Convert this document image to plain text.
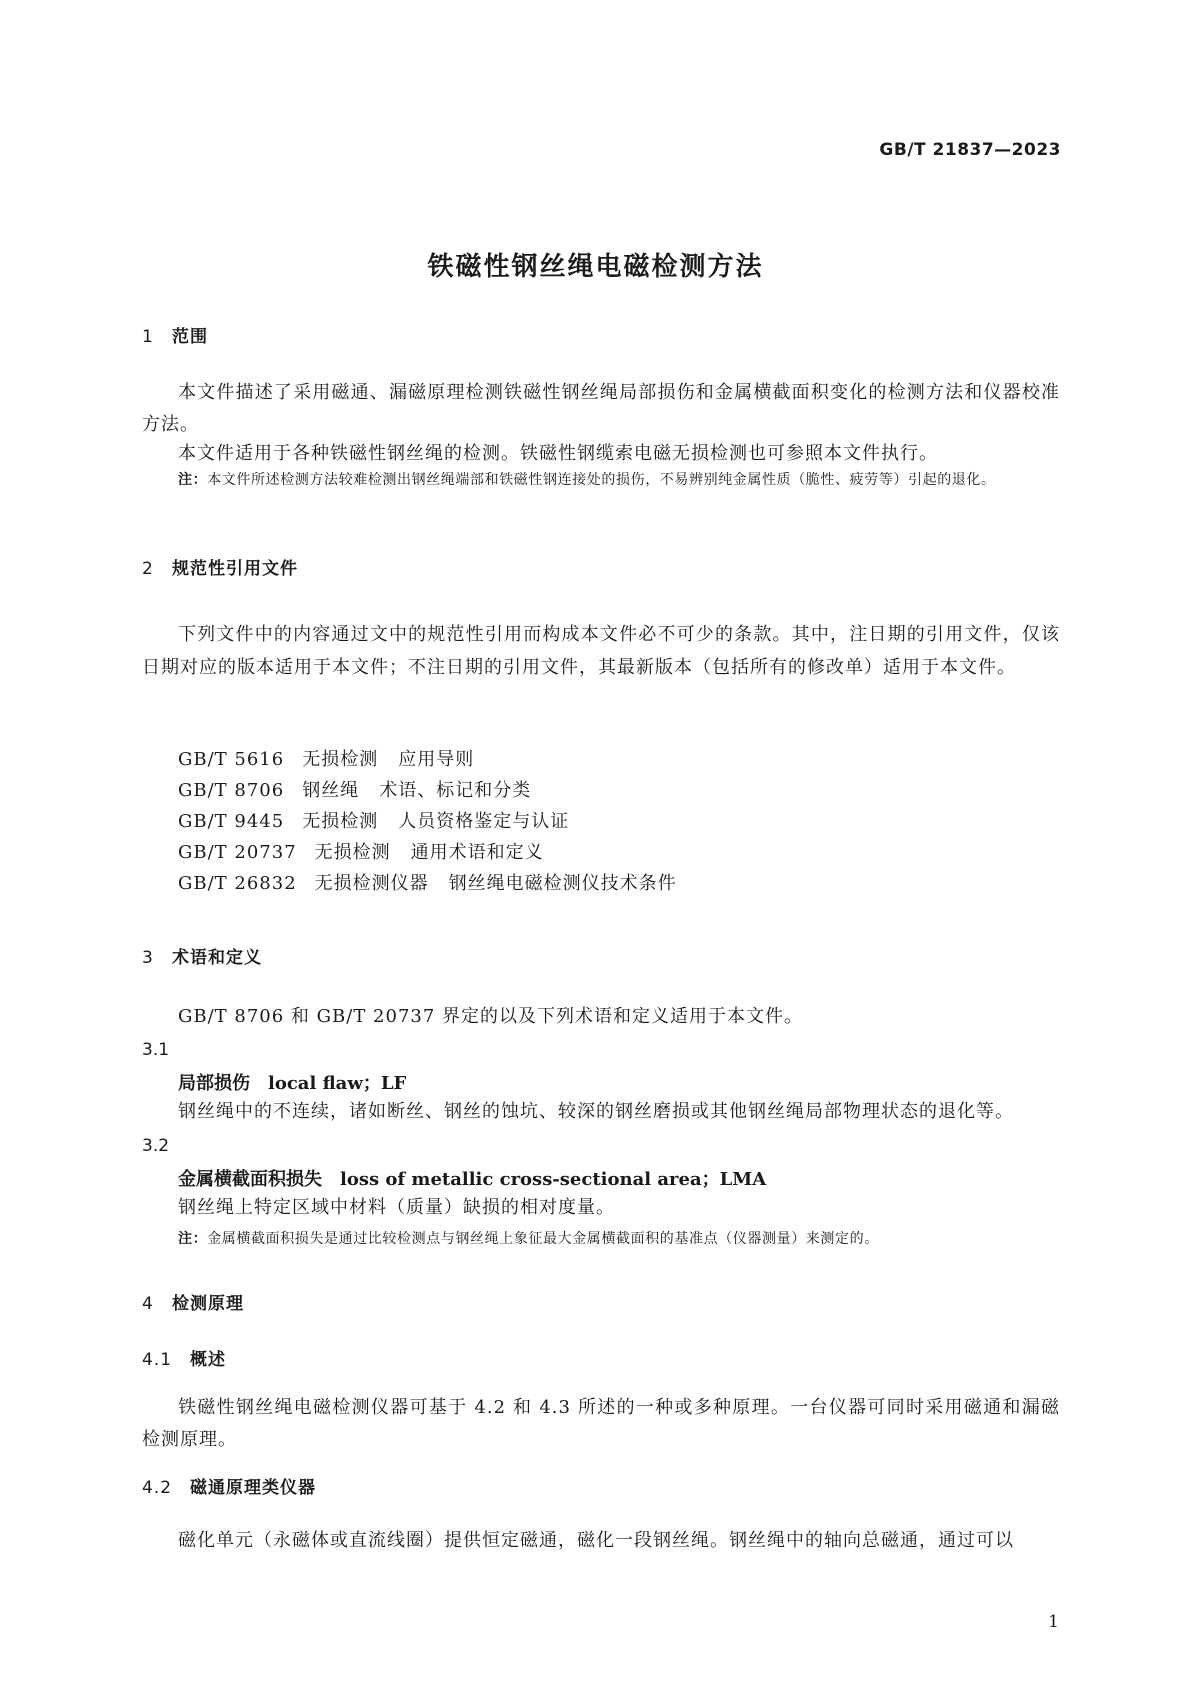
GB/T 21837—2023
铁磁性钢丝绳电磁检测方法
1 范围

本文件描述了采用磁通、漏磁原理检测铁磁性钢丝绳局部损伤和金属横截面积变化的检测方法和仪器校准方法。

本文件适用于各种铁磁性钢丝绳的检测。铁磁性钢缆索电磁无损检测也可参照本文件执行。

注：本文件所述检测方法较难检测出钢丝绳端部和铁磁性钢连接处的损伤，不易辨别纯金属性质（脆性、疲劳等）引起的退化。

2 规范性引用文件

下列文件中的内容通过文中的规范性引用而构成本文件必不可少的条款。其中，注日期的引用文件，仅该日期对应的版本适用于本文件；不注日期的引用文件，其最新版本（包括所有的修改单）适用于本文件。

GB/T 5616 无损检测 应用导则
GB/T 8706 钢丝绳 术语、标记和分类
GB/T 9445 无损检测 人员资格鉴定与认证
GB/T 20737 无损检测 通用术语和定义
GB/T 26832 无损检测仪器 钢丝绳电磁检测仪技术条件
3 术语和定义

GB/T 8706 和 GB/T 20737 界定的以及下列术语和定义适用于本文件。

3.1
局部损伤 local flaw；LF

钢丝绳中的不连续，诸如断丝、钢丝的蚀坑、较深的钢丝磨损或其他钢丝绳局部物理状态的退化等。

3.2
金属横截面积损失 loss of metallic cross-sectional area；LMA

钢丝绳上特定区域中材料（质量）缺损的相对度量。

注：金属横截面积损失是通过比较检测点与钢丝绳上象征最大金属横截面积的基准点（仪器测量）来测定的。

4 检测原理
4.1 概述

铁磁性钢丝绳电磁检测仪器可基于 4.2 和 4.3 所述的一种或多种原理。一台仪器可同时采用磁通和漏磁检测原理。

4.2 磁通原理类仪器

磁化单元（永磁体或直流线圈）提供恒定磁通，磁化一段钢丝绳。钢丝绳中的轴向总磁通，通过可以

1
